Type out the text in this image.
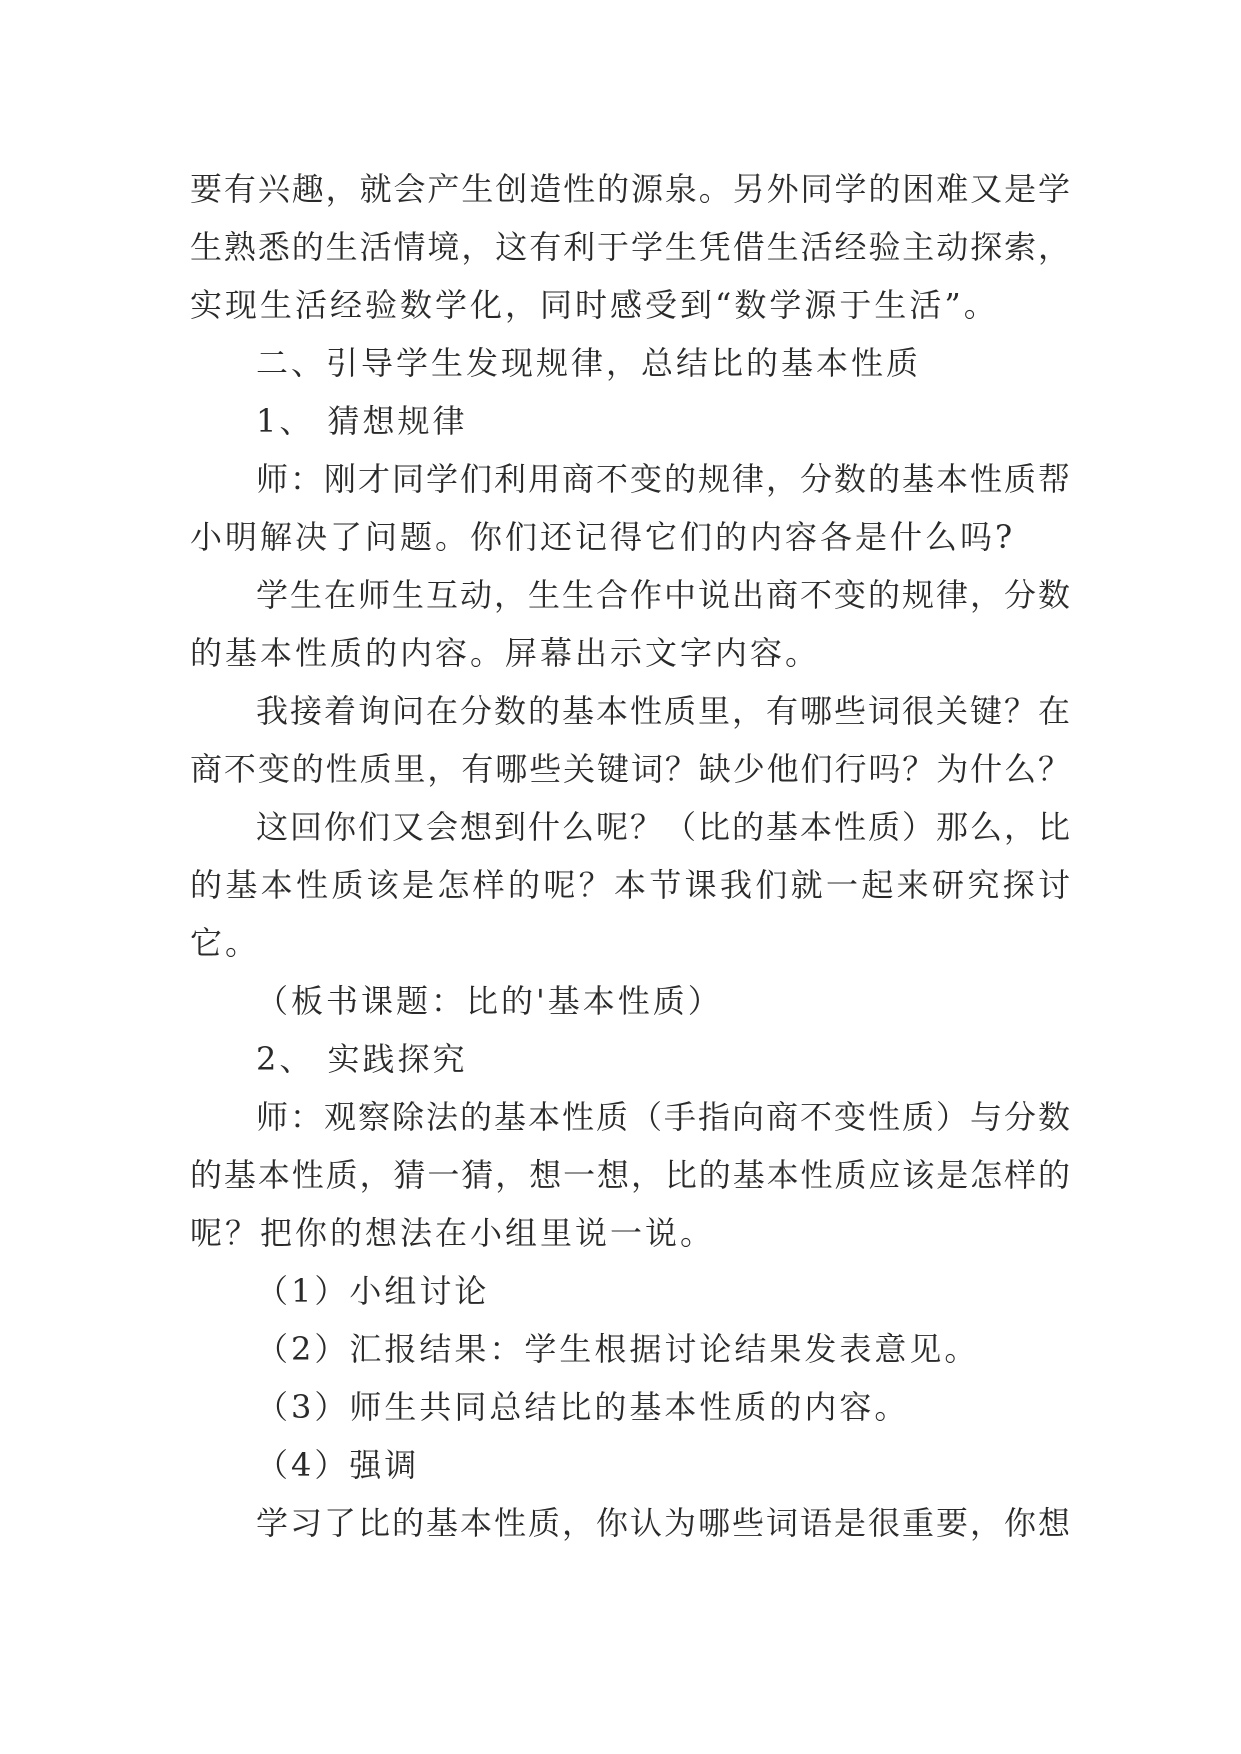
要有兴趣，就会产生创造性的源泉。另外同学的困难又是学
生熟悉的生活情境，这有利于学生凭借生活经验主动探索，
实现生活经验数学化，同时感受到“数学源于生活”。
二、引导学生发现规律，总结比的基本性质
1、 猜想规律
师：刚才同学们利用商不变的规律，分数的基本性质帮
小明解决了问题。你们还记得它们的内容各是什么吗?
学生在师生互动，生生合作中说出商不变的规律，分数
的基本性质的内容。屏幕出示文字内容。
我接着询问在分数的基本性质里，有哪些词很关键？在
商不变的性质里，有哪些关键词？缺少他们行吗？为什么？
这回你们又会想到什么呢？（比的基本性质）那么，比
的基本性质该是怎样的呢？本节课我们就一起来研究探讨
它。
（板书课题：比的'基本性质）
2、 实践探究
师：观察除法的基本性质（手指向商不变性质）与分数
的基本性质，猜一猜，想一想，比的基本性质应该是怎样的
呢？把你的想法在小组里说一说。
（1）小组讨论
（2）汇报结果：学生根据讨论结果发表意见。
（3）师生共同总结比的基本性质的内容。
（4）强调
学习了比的基本性质，你认为哪些词语是很重要，你想
